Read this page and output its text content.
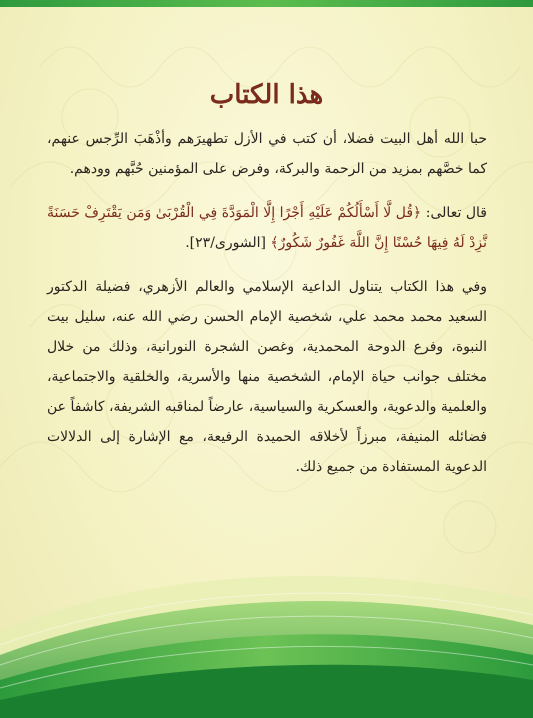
هذا الكتاب

حبا الله أهل البيت فضلا، أن كتب في الأزل تطهيرَهم وأذْهَبَ الرِّجس عنهم، كما خصَّهم بمزيد من الرحمة والبركة، وفرض على المؤمنين حُبَّهم وودهم.

قال تعالى: ﴿قُل لَّا أَسْأَلُكُمْ عَلَيْهِ أَجْرًا إِلَّا الْمَوَدَّةَ فِي الْقُرْبَىٰ وَمَن يَقْتَرِفْ حَسَنَةً نَّزِدْ لَهُ فِيهَا حُسْنًا إِنَّ اللَّهَ غَفُورٌ شَكُورٌ﴾ [الشورى/٢٣].

وفي هذا الكتاب يتناول الداعية الإسلامي والعالم الأزهري، فضيلة الدكتور السعيد محمد محمد علي، شخصية الإمام الحسن رضي الله عنه، سليل بيت النبوة، وفرع الدوحة المحمدية، وغصن الشجرة النورانية، وذلك من خلال مختلف جوانب حياة الإمام، الشخصية منها والأسرية، والخلقية والاجتماعية، والعلمية والدعوية، والعسكرية والسياسية، عارضاً لمناقبه الشريفة، كاشفاً عن فضائله المنيفة، مبرزاً لأخلاقه الحميدة الرفيعة، مع الإشارة إلى الدلالات الدعوية المستفادة من جميع ذلك.
